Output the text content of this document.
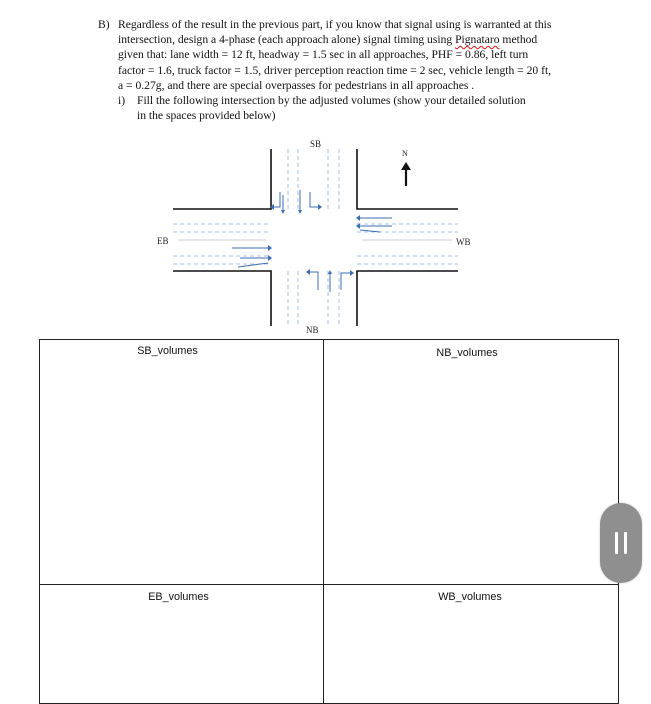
B) Regardless of the result in the previous part, if you know that signal using is warranted at this
intersection, design a 4-phase (each approach alone) signal timing using Pignataro method
given that: lane width = 12 ft, headway = 1.5 sec in all approaches, PHF = 0.86, left turn
factor = 1.6, truck factor = 1.5, driver perception reaction time = 2 sec, vehicle length = 20 ft,
a = 0.27g, and there are special overpasses for pedestrians in all approaches .
i)	Fill the following intersection by the adjusted volumes (show your detailed solution
in the spaces provided below)
SB
NB
EB	WB
N
SB_volumes	NB_volumes
EB_volumes	WB_volumes
